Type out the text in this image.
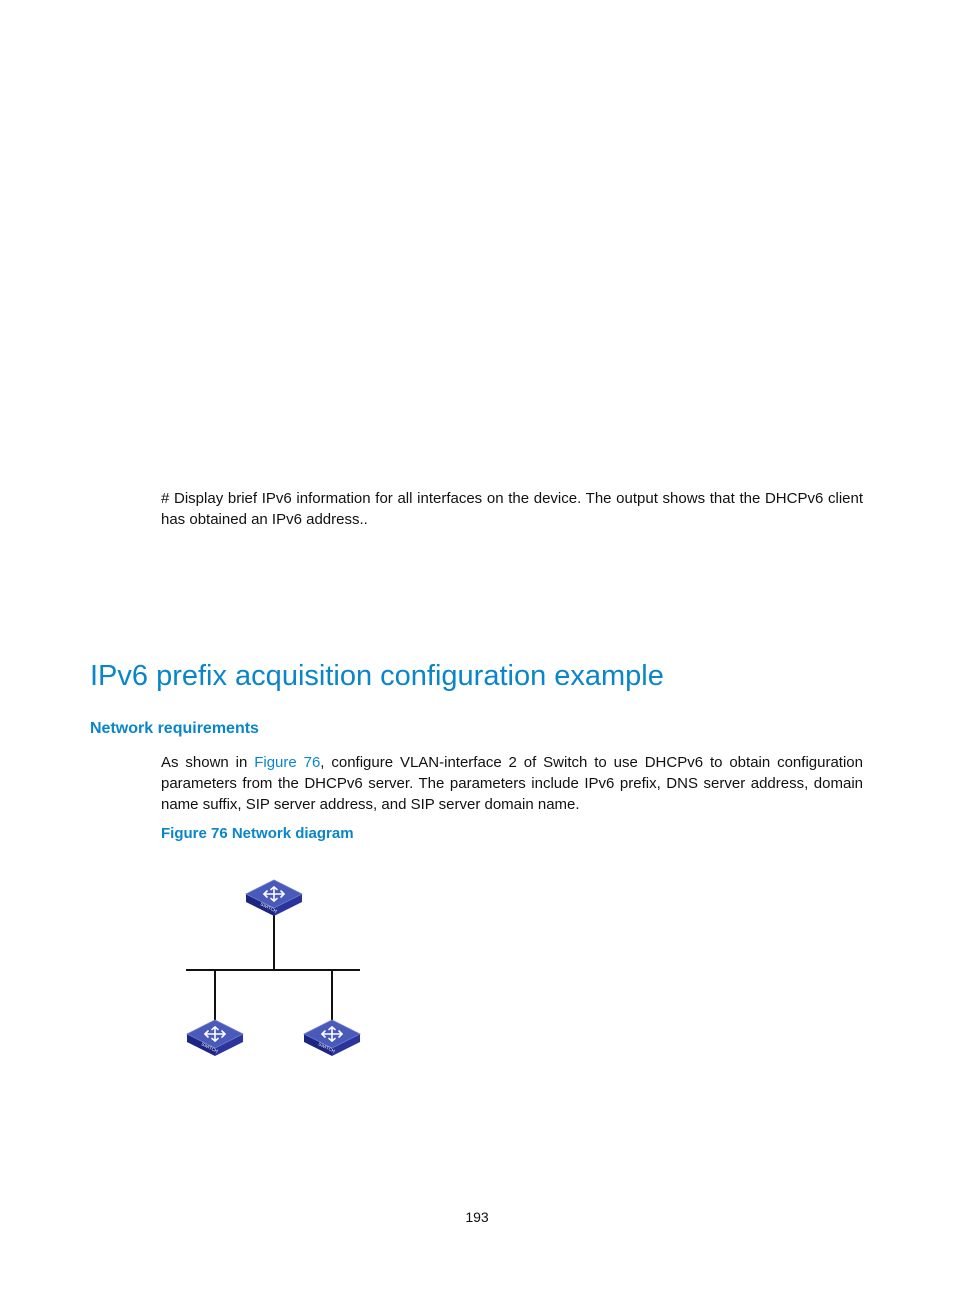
# Display brief IPv6 information for all interfaces on the device. The output shows that the DHCPv6 client has obtained an IPv6 address..

IPv6 prefix acquisition configuration example
Network requirements

As shown in Figure 76, configure VLAN-interface 2 of Switch to use DHCPv6 to obtain configuration parameters from the DHCPv6 server. The parameters include IPv6 prefix, DNS server address, domain name suffix, SIP server address, and SIP server domain name.

Figure 76 Network diagram

SWITCH
SWITCH	SWITCH

193
